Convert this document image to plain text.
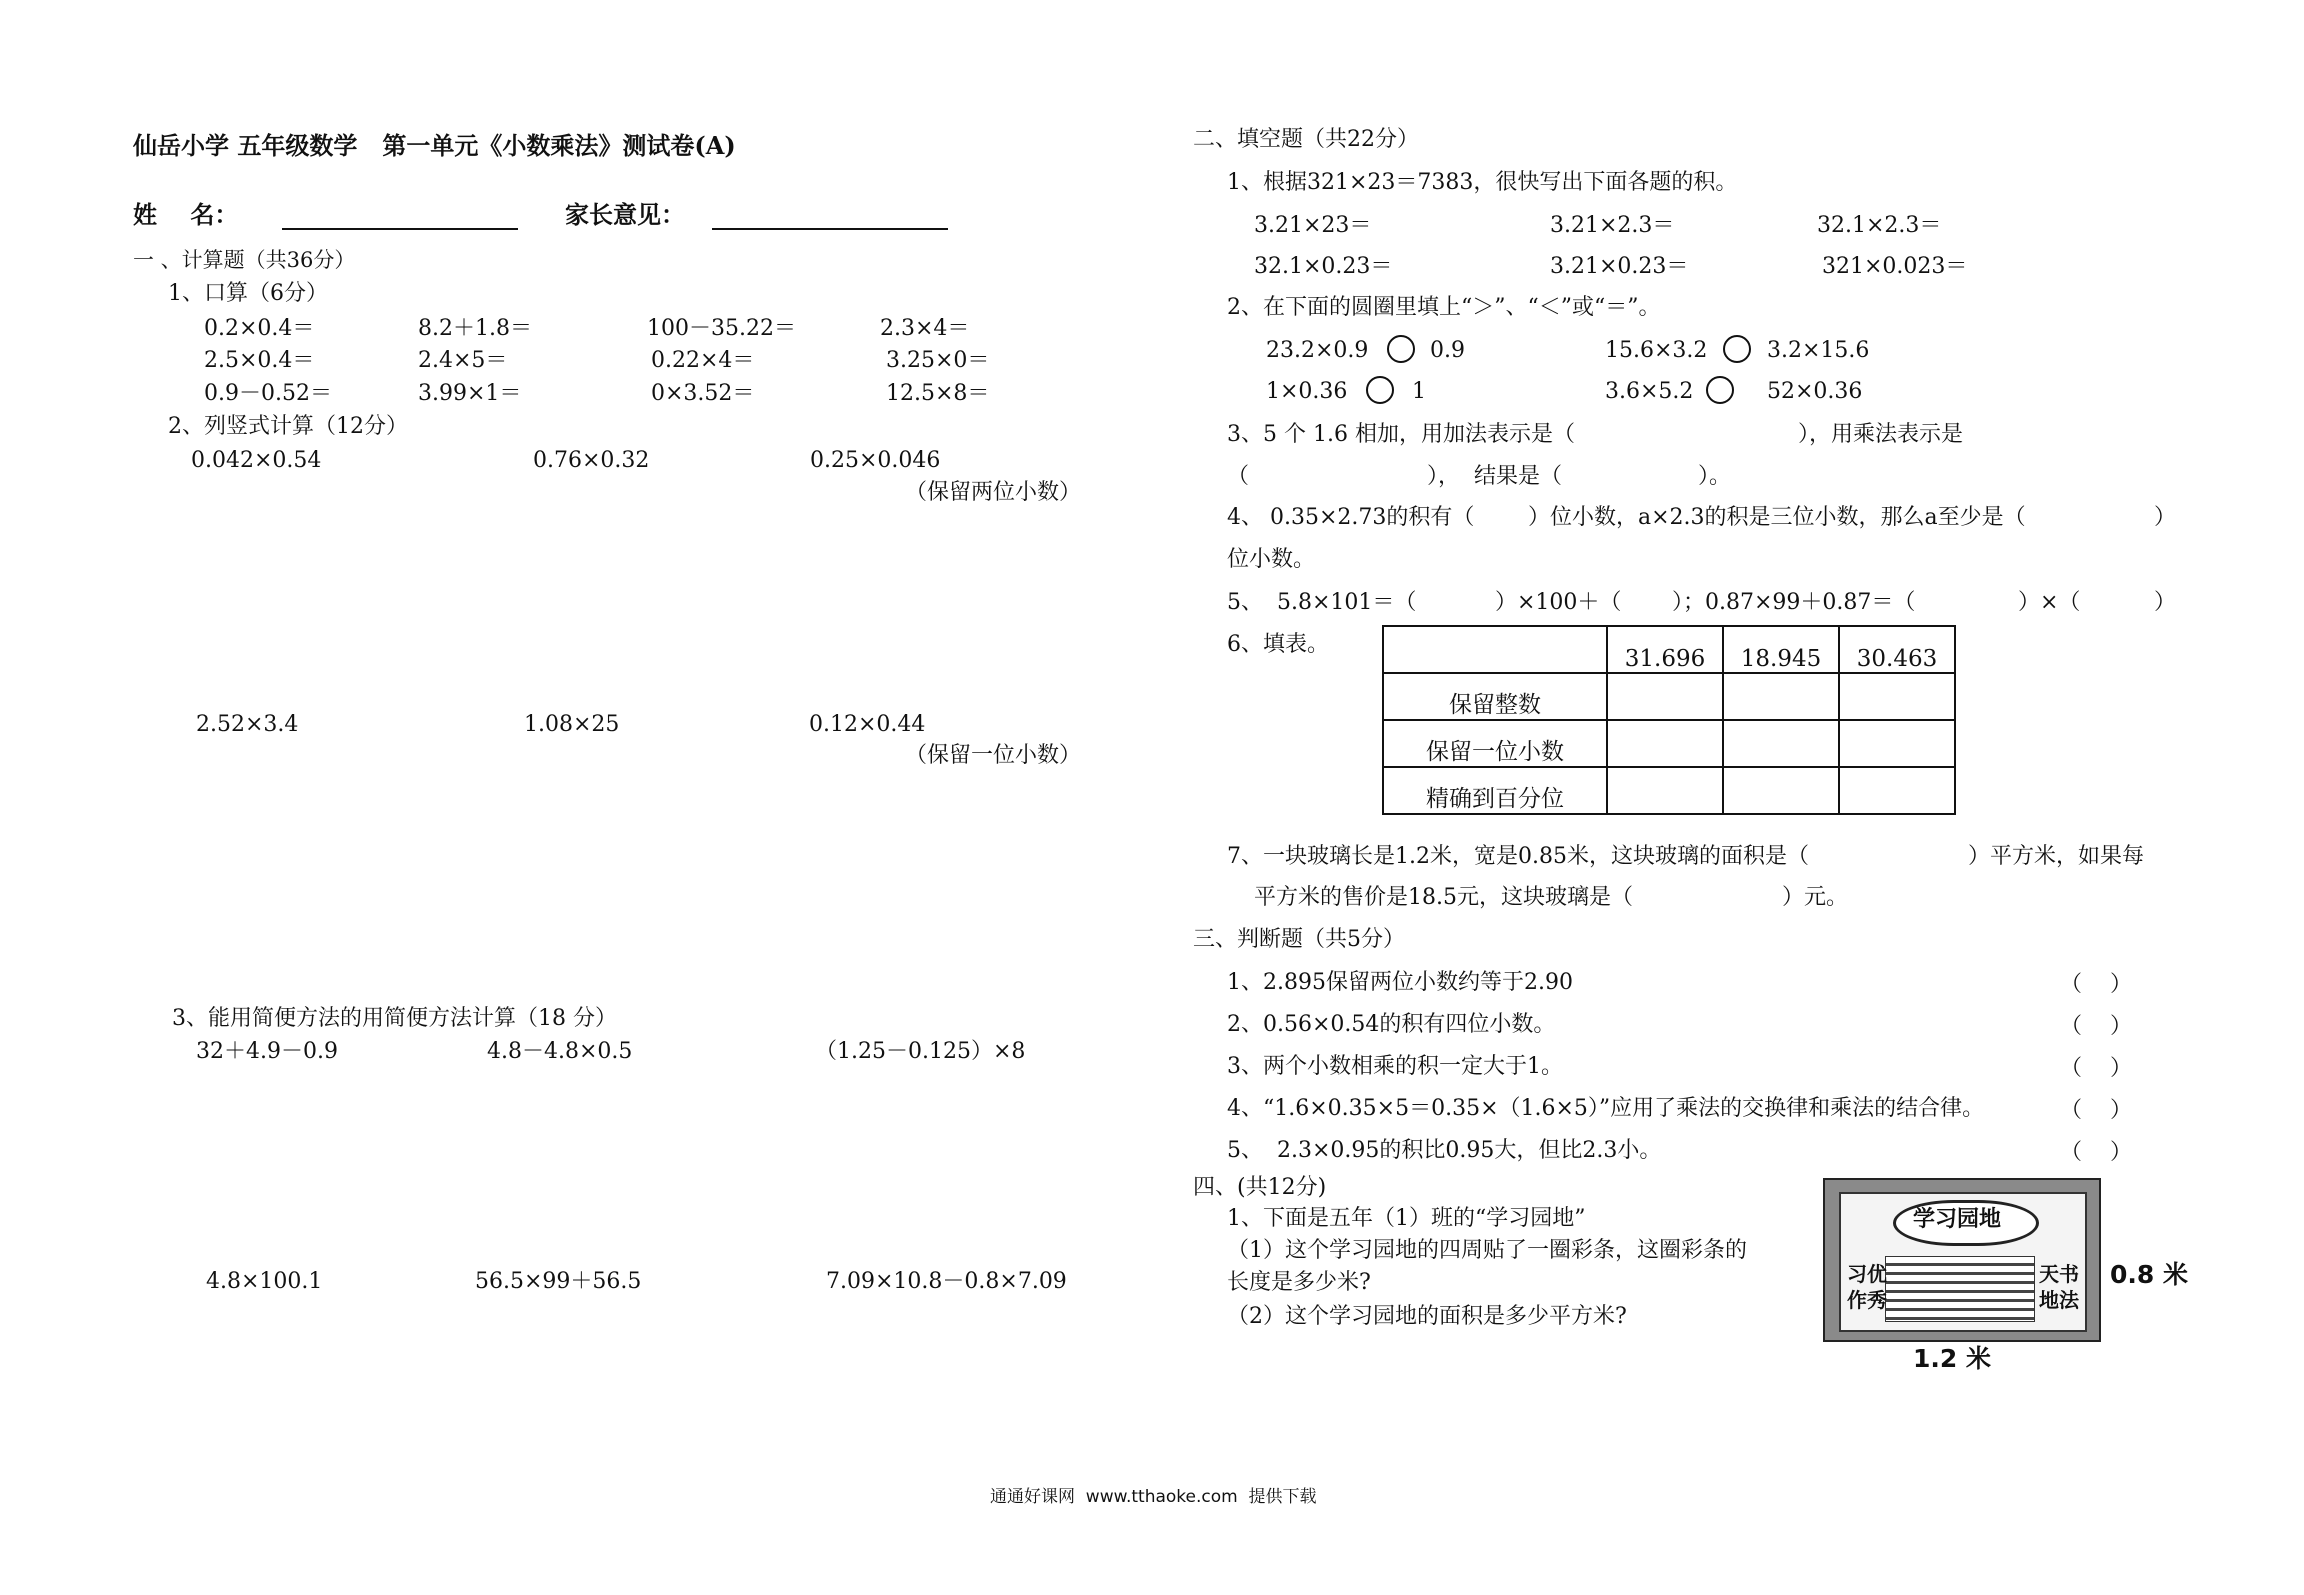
仙岳小学 五年级数学   第一单元《小数乘法》测试卷(A)
姓    名：	家长意见：
一 、计算题（共36分）
1、口算（6分）
0.2×0.4＝	8.2＋1.8＝	100－35.22＝	2.3×4＝
2.5×0.4＝	2.4×5＝	0.22×4＝	3.25×0＝
0.9－0.52＝	3.99×1＝	0×3.52＝	12.5×8＝
2、列竖式计算（12分）
0.042×0.54	0.76×0.32	0.25×0.046
（保留两位小数）
2.52×3.4	1.08×25	0.12×0.44
（保留一位小数）
3、能用简便方法的用简便方法计算（18 分）
32＋4.9－0.9	4.8－4.8×0.5	（1.25－0.125）×8
4.8×100.1	56.5×99＋56.5	7.09×10.8－0.8×7.09
二、填空题（共22分）
1、根据321×23＝7383，很快写出下面各题的积。
3.21×23＝	3.21×2.3＝	32.1×2.3＝
32.1×0.23＝	3.21×0.23＝	321×0.023＝
2、在下面的圆圈里填上“＞”、“＜”或“＝”。
23.2×0.9	0.9	15.6×3.2	3.2×15.6
1×0.36	1	3.6×5.2	52×0.36
3、5 个 1.6 相加，用加法表示是（	），用乘法表示是
（	），  结果是（	）。
4、 0.35×2.73的积有（ ）位小数，a×2.3的积是三位小数，那么a至少是（	）
位小数。
5、  5.8×101＝（	）×100＋（ ）；0.87×99＋0.87＝（	）×（	）
6、填表。
	31.696	18.945	30.463
保留整数			
保留一位小数			
精确到百分位			
7、一块玻璃长是1.2米，宽是0.85米，这块玻璃的面积是（	）平方米，如果每
平方米的售价是18.5元，这块玻璃是（	）元。
三、判断题（共5分）
1、2.895保留两位小数约等于2.90	（    ）
2、0.56×0.54的积有四位小数。	（    ）
3、两个小数相乘的积一定大于1。	（    ）
4、“1.6×0.35×5＝0.35×（1.6×5）”应用了乘法的交换律和乘法的结合律。	（    ）
5、  2.3×0.95的积比0.95大，但比2.3小。	（    ）
四、(共12分)
1、下面是五年（1）班的“学习园地”
（1）这个学习园地的四周贴了一圈彩条，这圈彩条的
长度是多少米?
（2）这个学习园地的面积是多少平方米?
学习园地
习优
作秀
天书
地法
0.8 米
1.2 米
通通好课网  www.tthaoke.com  提供下载
